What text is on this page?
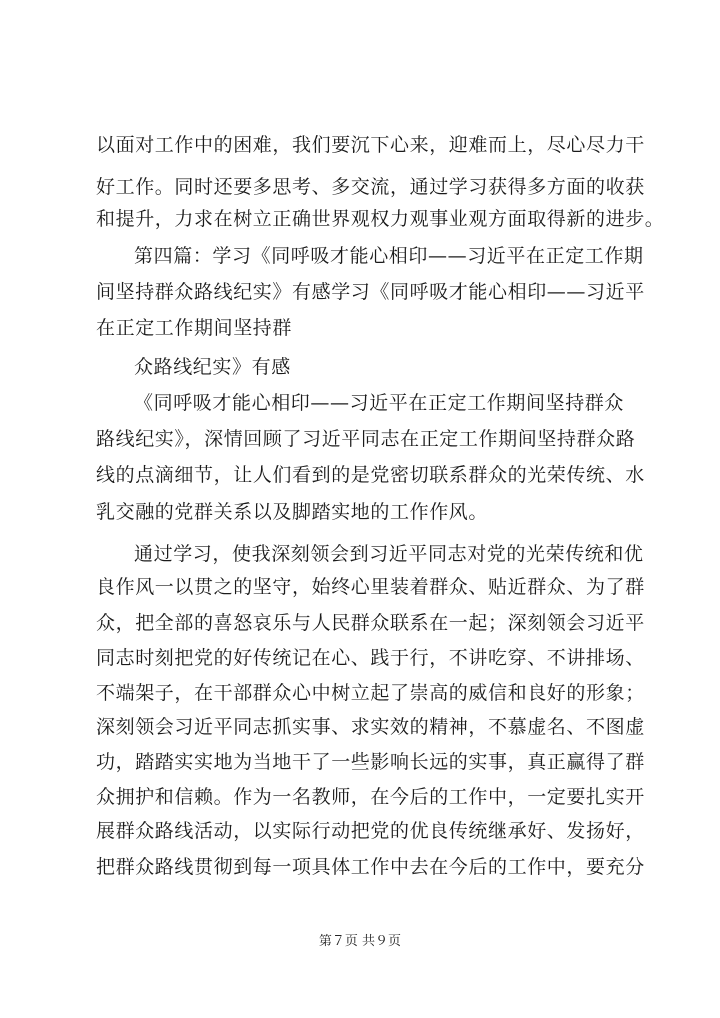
以面对工作中的困难，我们要沉下心来，迎难而上，尽心尽力干
好工作。同时还要多思考、多交流，通过学习获得多方面的收获
和提升，力求在树立正确世界观权力观事业观方面取得新的进步。
第四篇：学习《同呼吸才能心相印——习近平在正定工作期
间坚持群众路线纪实》有感学习《同呼吸才能心相印——习近平
在正定工作期间坚持群
众路线纪实》有感
《同呼吸才能心相印——习近平在正定工作期间坚持群众
路线纪实》，深情回顾了习近平同志在正定工作期间坚持群众路
线的点滴细节，让人们看到的是党密切联系群众的光荣传统、水
乳交融的党群关系以及脚踏实地的工作作风。
通过学习，使我深刻领会到习近平同志对党的光荣传统和优
良作风一以贯之的坚守，始终心里装着群众、贴近群众、为了群
众，把全部的喜怒哀乐与人民群众联系在一起；深刻领会习近平
同志时刻把党的好传统记在心、践于行，不讲吃穿、不讲排场、
不端架子，在干部群众心中树立起了崇高的威信和良好的形象；
深刻领会习近平同志抓实事、求实效的精神，不慕虚名、不图虚
功，踏踏实实地为当地干了一些影响长远的实事，真正赢得了群
众拥护和信赖。作为一名教师，在今后的工作中，一定要扎实开
展群众路线活动，以实际行动把党的优良传统继承好、发扬好，
把群众路线贯彻到每一项具体工作中去在今后的工作中，要充分
第７页 共９页
